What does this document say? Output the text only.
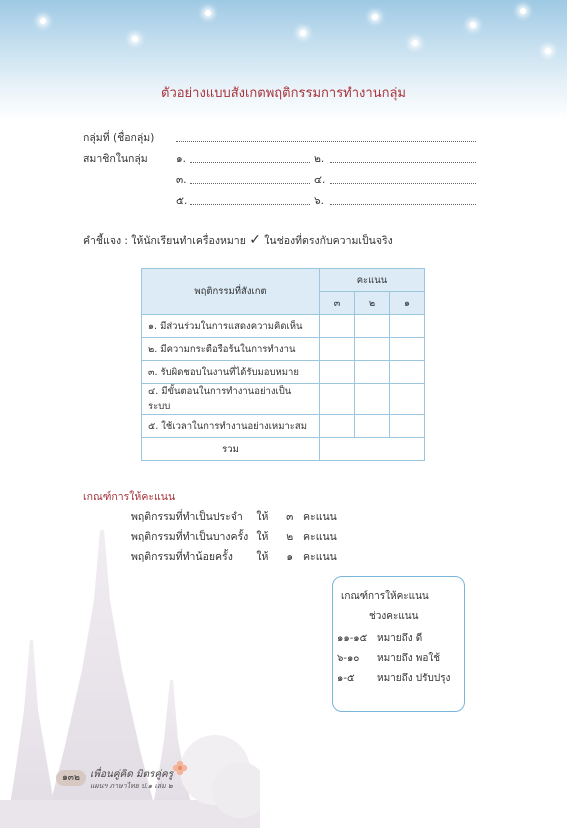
ตัวอย่างแบบสังเกตพฤติกรรมการทำงานกลุ่ม
กลุ่มที่ (ชื่อกลุ่ม)
สมาชิกในกลุ่ม	๑.	๒.
๓.	๔.
๕.	๖.
คำชี้แจง : ให้นักเรียนทำเครื่องหมาย ✓ ในช่องที่ตรงกับความเป็นจริง
พฤติกรรมที่สังเกต	คะแนน		
	๓	๒	๑
๑. มีส่วนร่วมในการแสดงความคิดเห็น			
๒. มีความกระตือรือร้นในการทำงาน			
๓. รับผิดชอบในงานที่ได้รับมอบหมาย			
๔. มีขั้นตอนในการทำงานอย่างเป็นระบบ			
๕. ใช้เวลาในการทำงานอย่างเหมาะสม			
รวม			
เกณฑ์การให้คะแนน
พฤติกรรมที่ทำเป็นประจำ ให้ ๓ คะแนน
พฤติกรรมที่ทำเป็นบางครั้ง ให้ ๒ คะแนน
พฤติกรรมที่ทำน้อยครั้ง ให้ ๑ คะแนน
เกณฑ์การให้คะแนน
ช่วงคะแนน
๑๑-๑๕ หมายถึง ดี
๖-๑๐ หมายถึง พอใช้
๑-๕ หมายถึง ปรับปรุง
๑๓๒	เพื่อนคู่คิด มิตรคู่ครู
แผนฯ ภาษาไทย ป.๑ เล่ม ๒
